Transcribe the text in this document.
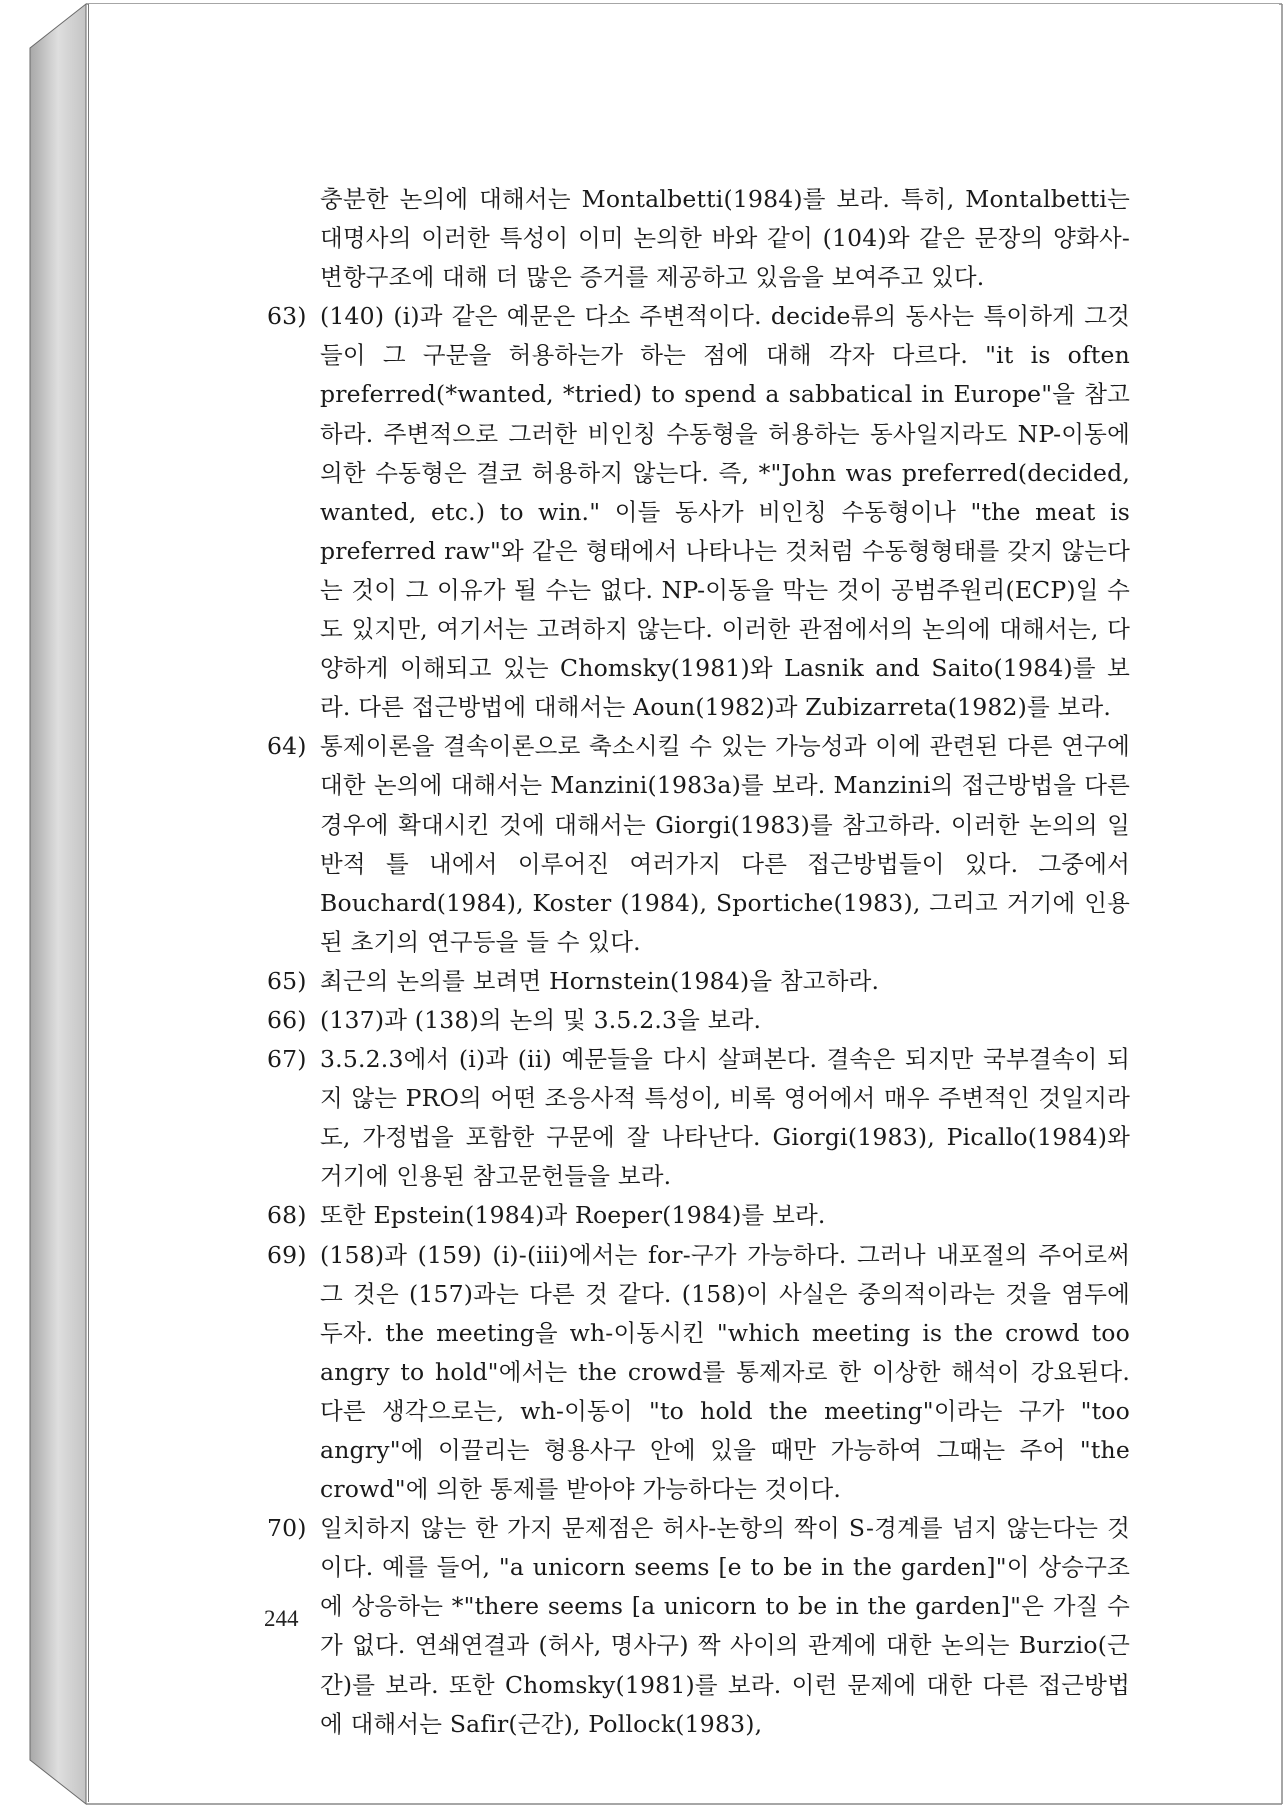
충분한 논의에 대해서는 Montalbetti(1984)를 보라. 특히, Montalbetti는 대명사의 이러한 특성이 이미 논의한 바와 같이 (104)와 같은 문장의 양화사-변항구조에 대해 더 많은 증거를 제공하고 있음을 보여주고 있다.

63) (140) (i)과 같은 예문은 다소 주변적이다. decide류의 동사는 특이하게 그것들이 그 구문을 허용하는가 하는 점에 대해 각자 다르다. "it is often preferred(*wanted, *tried) to spend a sabbatical in Europe"을 참고하라. 주변적으로 그러한 비인칭 수동형을 허용하는 동사일지라도 NP-이동에 의한 수동형은 결코 허용하지 않는다. 즉, *"John was preferred(decided, wanted, etc.) to win." 이들 동사가 비인칭 수동형이나 "the meat is preferred raw"와 같은 형태에서 나타나는 것처럼 수동형형태를 갖지 않는다는 것이 그 이유가 될 수는 없다. NP-이동을 막는 것이 공범주원리(ECP)일 수도 있지만, 여기서는 고려하지 않는다. 이러한 관점에서의 논의에 대해서는, 다양하게 이해되고 있는 Chomsky(1981)와 Lasnik and Saito(1984)를 보라. 다른 접근방법에 대해서는 Aoun(1982)과 Zubizarreta(1982)를 보라.

64) 통제이론을 결속이론으로 축소시킬 수 있는 가능성과 이에 관련된 다른 연구에 대한 논의에 대해서는 Manzini(1983a)를 보라. Manzini의 접근방법을 다른 경우에 확대시킨 것에 대해서는 Giorgi(1983)를 참고하라. 이러한 논의의 일반적 틀 내에서 이루어진 여러가지 다른 접근방법들이 있다. 그중에서 Bouchard(1984), Koster (1984), Sportiche(1983), 그리고 거기에 인용된 초기의 연구등을 들 수 있다.

65) 최근의 논의를 보려면 Hornstein(1984)을 참고하라.

66) (137)과 (138)의 논의 및 3.5.2.3을 보라.

67) 3.5.2.3에서 (i)과 (ii) 예문들을 다시 살펴본다. 결속은 되지만 국부결속이 되지 않는 PRO의 어떤 조응사적 특성이, 비록 영어에서 매우 주변적인 것일지라도, 가정법을 포함한 구문에 잘 나타난다. Giorgi(1983), Picallo(1984)와 거기에 인용된 참고문헌들을 보라.

68) 또한 Epstein(1984)과 Roeper(1984)를 보라.

69) (158)과 (159) (i)-(iii)에서는 for-구가 가능하다. 그러나 내포절의 주어로써 그 것은 (157)과는 다른 것 같다. (158)이 사실은 중의적이라는 것을 염두에 두자. the meeting을 wh-이동시킨 "which meeting is the crowd too angry to hold"에서는 the crowd를 통제자로 한 이상한 해석이 강요된다. 다른 생각으로는, wh-이동이 "to hold the meeting"이라는 구가 "too angry"에 이끌리는 형용사구 안에 있을 때만 가능하여 그때는 주어 "the crowd"에 의한 통제를 받아야 가능하다는 것이다.

70) 일치하지 않는 한 가지 문제점은 허사-논항의 짝이 S-경계를 넘지 않는다는 것이다. 예를 들어, "a unicorn seems [e to be in the garden]"이 상승구조에 상응하는 *"there seems [a unicorn to be in the garden]"은 가질 수가 없다. 연쇄연결과 (허사, 명사구) 짝 사이의 관계에 대한 논의는 Burzio(근간)를 보라. 또한 Chomsky(1981)를 보라. 이런 문제에 대한 다른 접근방법에 대해서는 Safir(근간), Pollock(1983),

244
